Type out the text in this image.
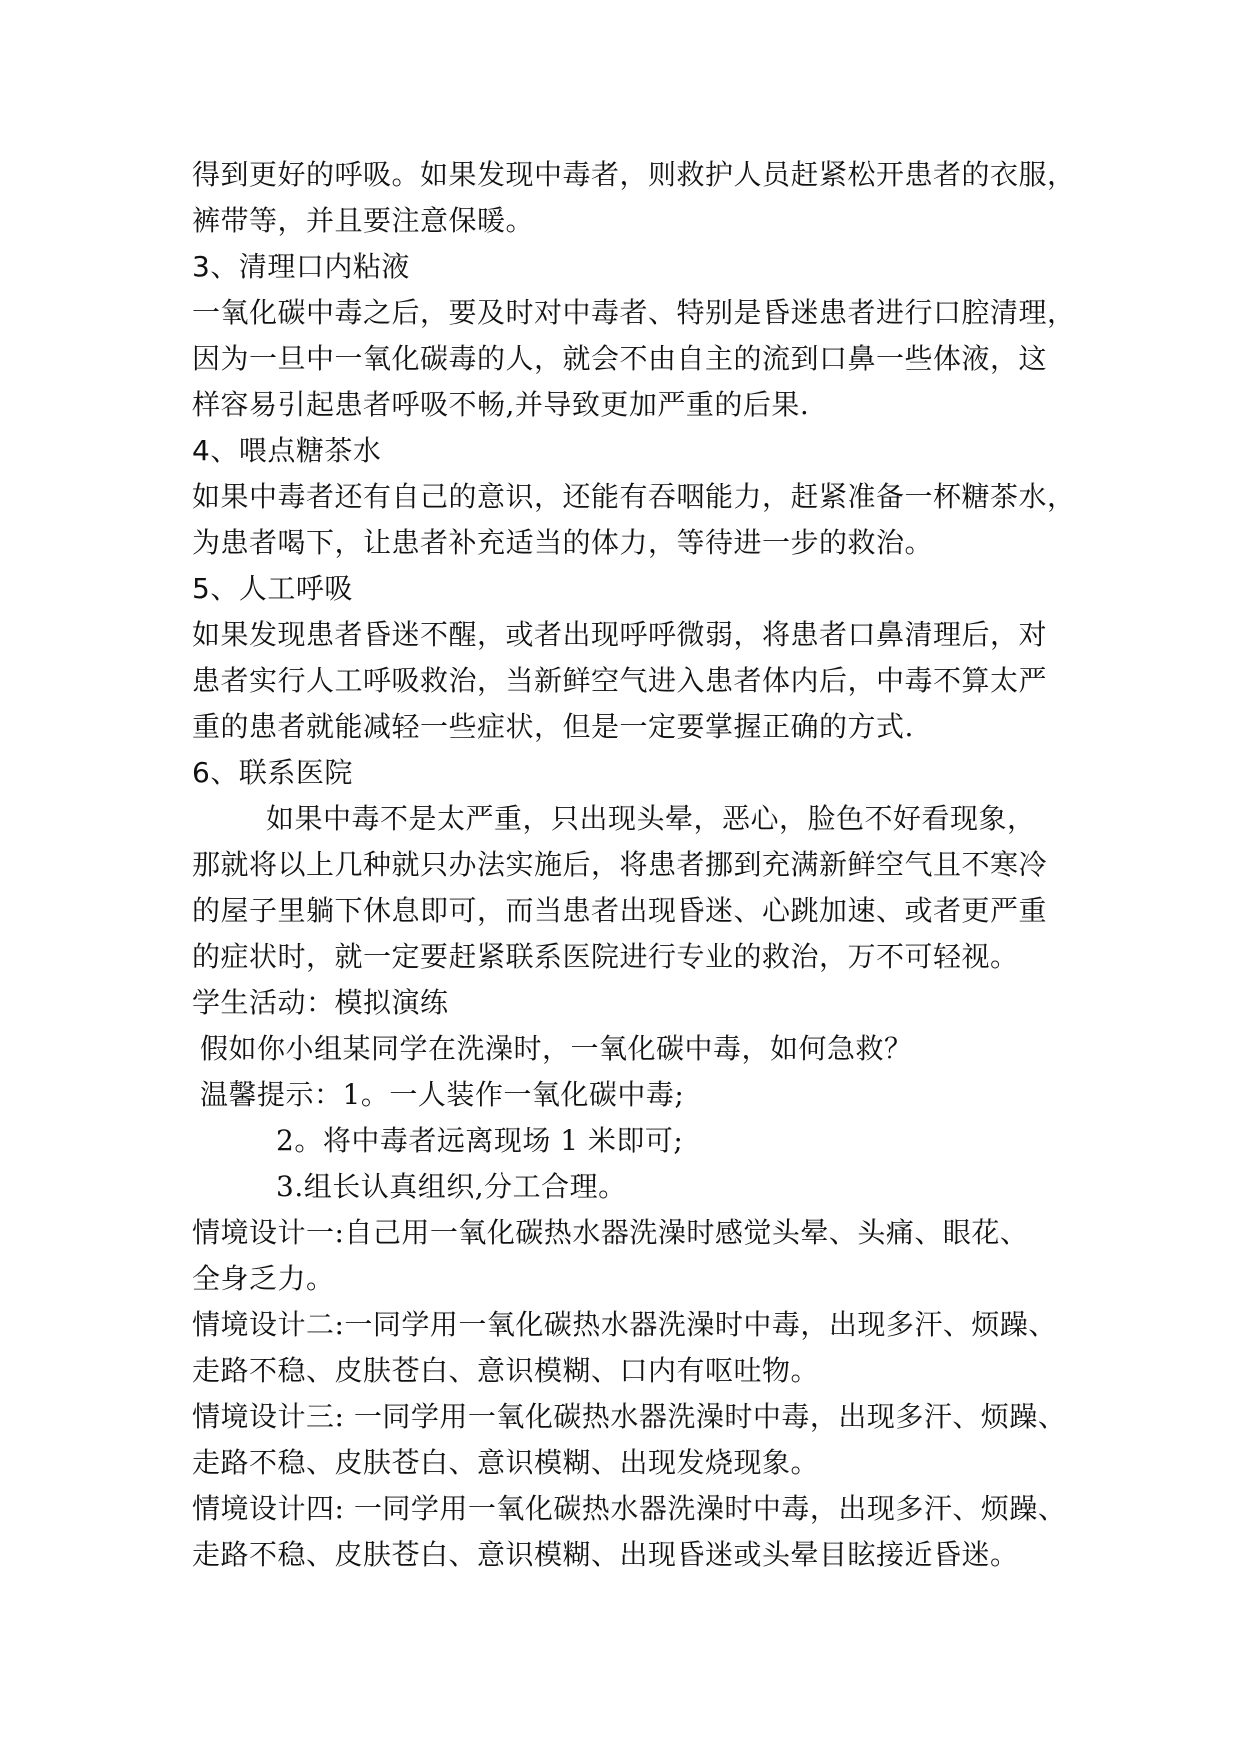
得到更好的呼吸。如果发现中毒者，则救护人员赶紧松开患者的衣服，
裤带等，并且要注意保暖。
3、清理口内粘液
一氧化碳中毒之后，要及时对中毒者、特别是昏迷患者进行口腔清理，
因为一旦中一氧化碳毒的人，就会不由自主的流到口鼻一些体液，这
样容易引起患者呼吸不畅,并导致更加严重的后果.
4、喂点糖茶水
如果中毒者还有自己的意识，还能有吞咽能力，赶紧准备一杯糖茶水，
为患者喝下，让患者补充适当的体力，等待进一步的救治。
5、人工呼吸
如果发现患者昏迷不醒，或者出现呼呼微弱，将患者口鼻清理后，对
患者实行人工呼吸救治，当新鲜空气进入患者体内后，中毒不算太严
重的患者就能减轻一些症状，但是一定要掌握正确的方式.
6、联系医院
如果中毒不是太严重，只出现头晕，恶心，脸色不好看现象，
那就将以上几种就只办法实施后，将患者挪到充满新鲜空气且不寒冷
的屋子里躺下休息即可，而当患者出现昏迷、心跳加速、或者更严重
的症状时，就一定要赶紧联系医院进行专业的救治，万不可轻视。
学生活动：模拟演练
假如你小组某同学在洗澡时，一氧化碳中毒，如何急救？
温馨提示：1。一人装作一氧化碳中毒;
2。将中毒者远离现场 1 米即可;
3.组长认真组织,分工合理。
情境设计一:自己用一氧化碳热水器洗澡时感觉头晕、头痛、眼花、
全身乏力。
情境设计二:一同学用一氧化碳热水器洗澡时中毒，出现多汗、烦躁、
走路不稳、皮肤苍白、意识模糊、口内有呕吐物。
情境设计三: 一同学用一氧化碳热水器洗澡时中毒，出现多汗、烦躁、
走路不稳、皮肤苍白、意识模糊、出现发烧现象。
情境设计四: 一同学用一氧化碳热水器洗澡时中毒，出现多汗、烦躁、
走路不稳、皮肤苍白、意识模糊、出现昏迷或头晕目眩接近昏迷。
